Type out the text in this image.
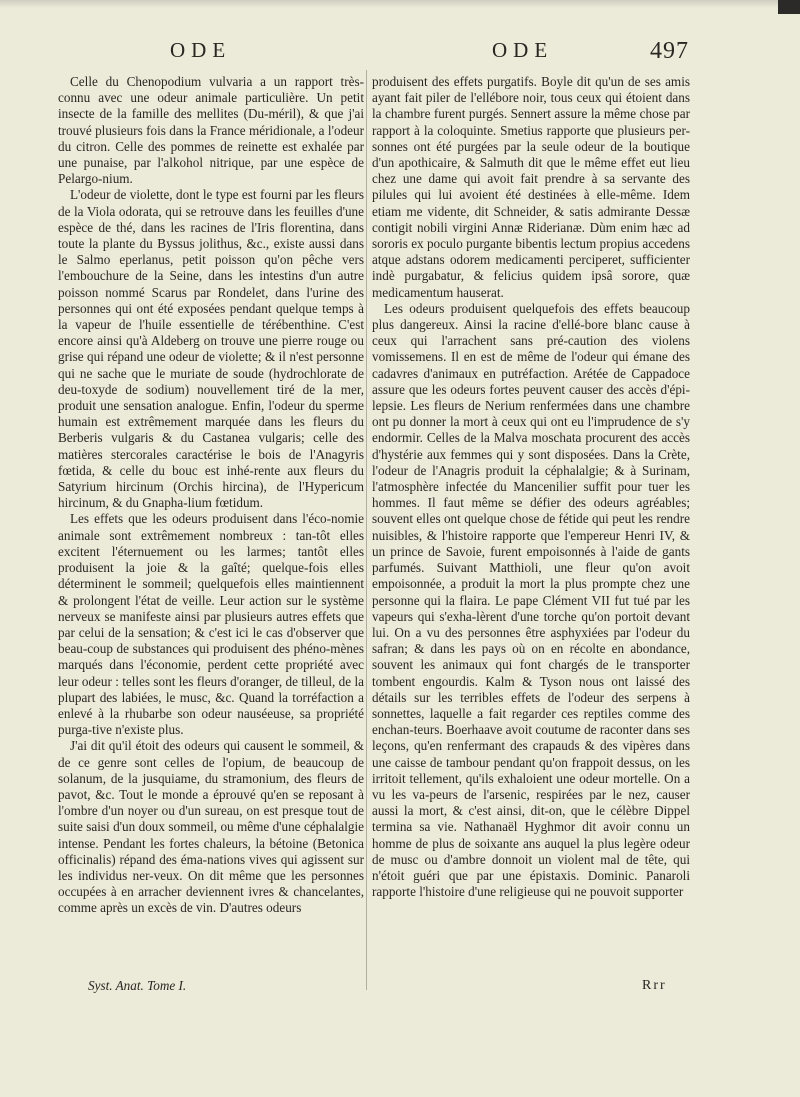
ODE	ODE	497

Celle du Chenopodium vulvaria a un rapport très-connu avec une odeur animale particulière. Un petit insecte de la famille des mellites (Du-méril), & que j'ai trouvé plusieurs fois dans la France méridionale, a l'odeur du citron. Celle des pommes de reinette est exhalée par une punaise, par l'alkohol nitrique, par une espèce de Pelargo-nium.

L'odeur de violette, dont le type est fourni par les fleurs de la Viola odorata, qui se retrouve dans les feuilles d'une espèce de thé, dans les racines de l'Iris florentina, dans toute la plante du Byssus jolithus, &c., existe aussi dans le Salmo eperlanus, petit poisson qu'on pêche vers l'embouchure de la Seine, dans les intestins d'un autre poisson nommé Scarus par Rondelet, dans l'urine des personnes qui ont été exposées pendant quelque temps à la vapeur de l'huile essentielle de térébenthine. C'est encore ainsi qu'à Aldeberg on trouve une pierre rouge ou grise qui répand une odeur de violette; & il n'est personne qui ne sache que le muriate de soude (hydrochlorate de deu-toxyde de sodium) nouvellement tiré de la mer, produit une sensation analogue. Enfin, l'odeur du sperme humain est extrêmement marquée dans les fleurs du Berberis vulgaris & du Castanea vulgaris; celle des matières stercorales caractérise le bois de l'Anagyris fœtida, & celle du bouc est inhé-rente aux fleurs du Satyrium hircinum (Orchis hircina), de l'Hypericum hircinum, & du Gnapha-lium fœtidum.

Les effets que les odeurs produisent dans l'éco-nomie animale sont extrêmement nombreux : tan-tôt elles excitent l'éternuement ou les larmes; tantôt elles produisent la joie & la gaîté; quelque-fois elles déterminent le sommeil; quelquefois elles maintiennent & prolongent l'état de veille. Leur action sur le système nerveux se manifeste ainsi par plusieurs autres effets que par celui de la sensation; & c'est ici le cas d'observer que beau-coup de substances qui produisent des phéno-mènes marqués dans l'économie, perdent cette propriété avec leur odeur : telles sont les fleurs d'oranger, de tilleul, de la plupart des labiées, le musc, &c. Quand la torréfaction a enlevé à la rhubarbe son odeur nauséeuse, sa propriété purga-tive n'existe plus.

J'ai dit qu'il étoit des odeurs qui causent le sommeil, & de ce genre sont celles de l'opium, de beaucoup de solanum, de la jusquiame, du stramonium, des fleurs de pavot, &c. Tout le monde a éprouvé qu'en se reposant à l'ombre d'un noyer ou d'un sureau, on est presque tout de suite saisi d'un doux sommeil, ou même d'une céphalalgie intense. Pendant les fortes chaleurs, la bétoine (Betonica officinalis) répand des éma-nations vives qui agissent sur les individus ner-veux. On dit même que les personnes occupées à en arracher deviennent ivres & chancelantes, comme après un excès de vin. D'autres odeurs

produisent des effets purgatifs. Boyle dit qu'un de ses amis ayant fait piler de l'ellébore noir, tous ceux qui étoient dans la chambre furent purgés. Sennert assure la même chose par rapport à la coloquinte. Smetius rapporte que plusieurs per-sonnes ont été purgées par la seule odeur de la boutique d'un apothicaire, & Salmuth dit que le même effet eut lieu chez une dame qui avoit fait prendre à sa servante des pilules qui lui avoient été destinées à elle-même. Idem etiam me vidente, dit Schneider, & satis admirante Dessæ contigit nobili virgini Annæ Riderianæ. Dùm enim hæc ad sororis ex poculo purgante bibentis lectum propius accedens atque adstans odorem medicamenti perciperet, sufficienter indè purgabatur, & felicius quidem ipsâ sorore, quæ medicamentum hauserat.

Les odeurs produisent quelquefois des effets beaucoup plus dangereux. Ainsi la racine d'ellé-bore blanc cause à ceux qui l'arrachent sans pré-caution des violens vomissemens. Il en est de même de l'odeur qui émane des cadavres d'animaux en putréfaction. Arétée de Cappadoce assure que les odeurs fortes peuvent causer des accès d'épi-lepsie. Les fleurs de Nerium renfermées dans une chambre ont pu donner la mort à ceux qui ont eu l'imprudence de s'y endormir. Celles de la Malva moschata procurent des accès d'hystérie aux femmes qui y sont disposées. Dans la Crète, l'odeur de l'Anagris produit la céphalalgie; & à Surinam, l'atmosphère infectée du Mancenilier suffit pour tuer les hommes. Il faut même se défier des odeurs agréables; souvent elles ont quelque chose de fétide qui peut les rendre nuisibles, & l'histoire rapporte que l'empereur Henri IV, & un prince de Savoie, furent empoisonnés à l'aide de gants parfumés. Suivant Matthioli, une fleur qu'on avoit empoisonnée, a produit la mort la plus prompte chez une personne qui la flaira. Le pape Clément VII fut tué par les vapeurs qui s'exha-lèrent d'une torche qu'on portoit devant lui. On a vu des personnes être asphyxiées par l'odeur du safran; & dans les pays où on en récolte en abondance, souvent les animaux qui font chargés de le transporter tombent engourdis. Kalm & Tyson nous ont laissé des détails sur les terribles effets de l'odeur des serpens à sonnettes, laquelle a fait regarder ces reptiles comme des enchan-teurs. Boerhaave avoit coutume de raconter dans ses leçons, qu'en renfermant des crapauds & des vipères dans une caisse de tambour pendant qu'on frappoit dessus, on les irritoit tellement, qu'ils exhaloient une odeur mortelle. On a vu les va-peurs de l'arsenic, respirées par le nez, causer aussi la mort, & c'est ainsi, dit-on, que le célèbre Dippel termina sa vie. Nathanaël Hyghmor dit avoir connu un homme de plus de soixante ans auquel la plus legère odeur de musc ou d'ambre donnoit un violent mal de tête, qui n'étoit guéri que par une épistaxis. Dominic. Panaroli rapporte l'histoire d'une religieuse qui ne pouvoit supporter

Syst. Anat. Tome I.	Rrr
